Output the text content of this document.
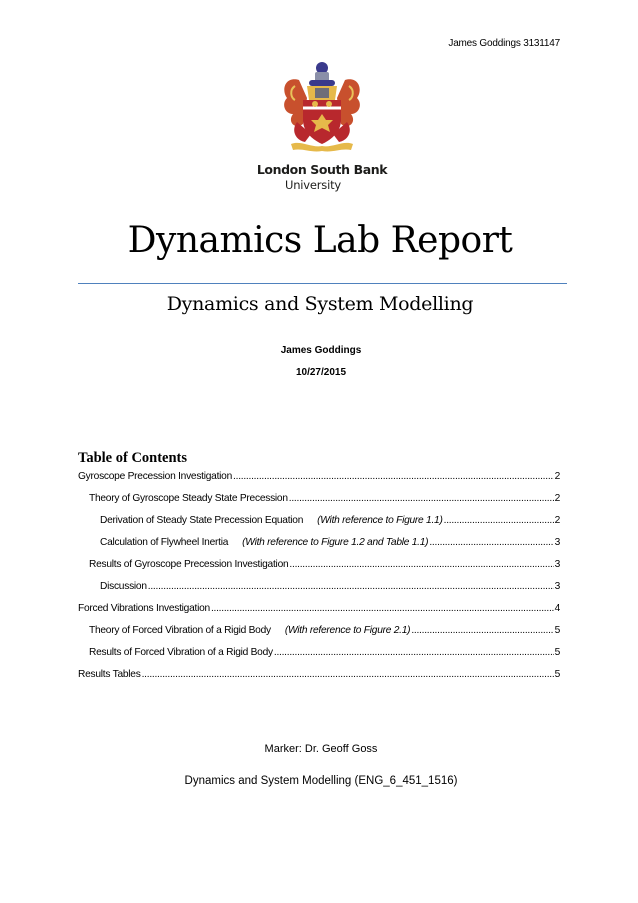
James Goddings 3131147
London South Bank
University
Dynamics Lab Report
Dynamics and System Modelling
James Goddings
10/27/2015
Table of Contents
Gyroscope Precession Investigation .....	2
Theory of Gyroscope Steady State Precession .....	2
Derivation of Steady State Precession Equation (With reference to Figure 1.1) .....	2
Calculation of Flywheel Inertia (With reference to Figure 1.2 and Table 1.1) .....	3
Results of Gyroscope Precession Investigation .....	3
Discussion .....	3
Forced Vibrations Investigation .....	4
Theory of Forced Vibration of a Rigid Body (With reference to Figure 2.1) .....	5
Results of Forced Vibration of a Rigid Body .....	5
Results Tables .....	5
Marker: Dr. Geoff Goss
Dynamics and System Modelling (ENG_6_451_1516)
